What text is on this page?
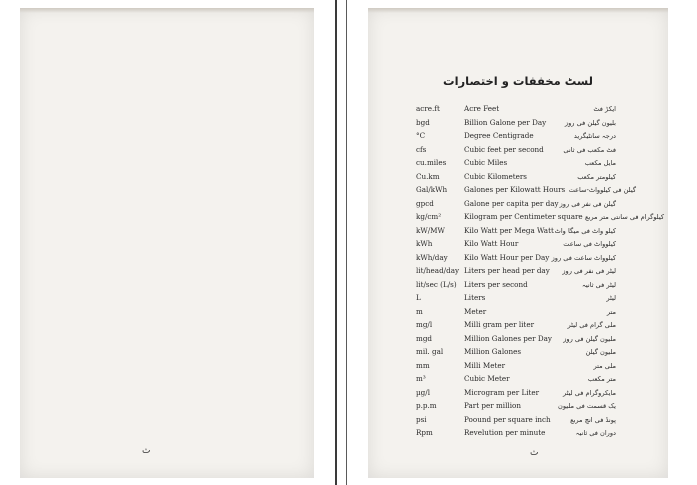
ث
لسٹ مخففات و اختصارات
acre.ft	Acre Feet	ایکڑ فٹ
bgd	Billion Galone per Day	بلیون گیلن فی روز
°C	Degree Centigrade	درجہ سانٹیگرید
cfs	Cubic feet per second	فٹ مکعب فی ثانی
cu.miles Cubic Miles	مایل مکعب
Cu.km	Cubic Kilometers	کیلومتر مکعب
Gal/kWh Galones per Kilowatt Hours گیلن فی کیلوواٹ-ساعت
gpcd	Galone per capita per day گیلن فی نفر فی روز
kg/cm²	Kilogram per Centimeter square کیلوگرام فی سانتی متر مربع
kW/MW	Kilo Watt per Mega Watt کیلو واٹ فی میگا واٹ
kWh	Kilo Watt Hour	کیلوواٹ فی ساعت
kWh/day Kilo Watt Hour per Day کیلوواٹ ساعت فی روز
lit/head/day Liters per head per day لیٹر فی نفر فی روز
lit/sec (L/s) Liters per second	لیٹر فی ثانیہ
L	Liters	لیٹر
m	Meter	متر
mg/l	Milli gram per liter	ملی گرام فی لیٹر
mgd	Million Galones per Day ملیون گیلن فی روز
mil. gal	Million Galones	ملیون گیلن
mm	Milli Meter	ملی متر
m³	Cubic Meter	متر مکعب
µg/l	Microgram per Liter	مایکروگرام فی لیٹر
p.p.m	Part per million	یک قسمت فی ملیون
psi	Poound per square inch	پونڈ فی انچ مربع
Rpm	Revelution per minute	دوران فی ثانیہ
ث
